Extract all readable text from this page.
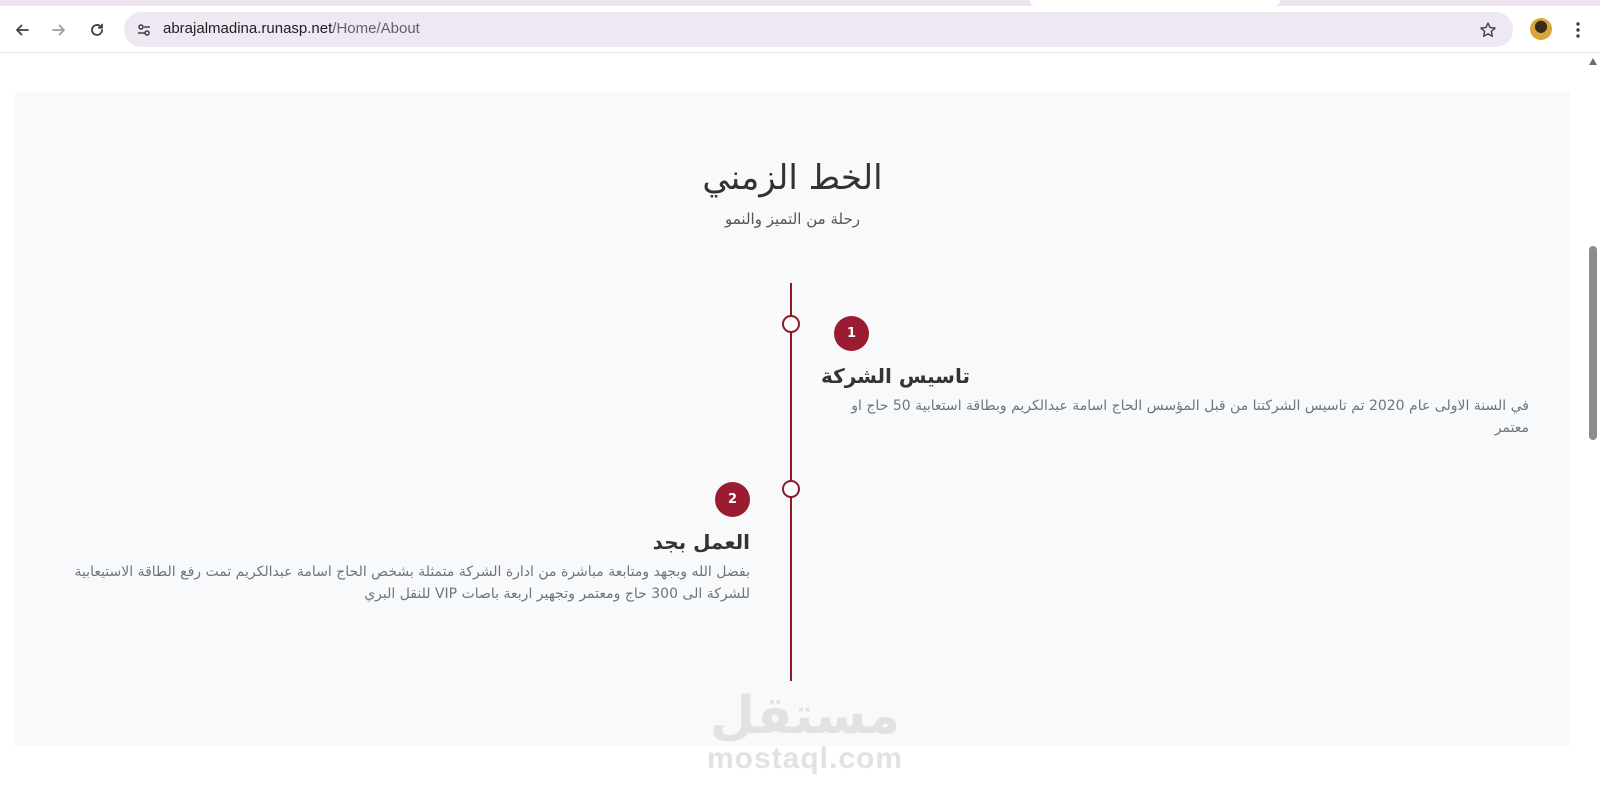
abrajalmadina.runasp.net/Home/About
الخط الزمني

رحلة من التميز والنمو

1
تاسيس الشركة
في السنة الاولى عام 2020 تم تاسيس الشركتنا من قبل المؤسس الحاج اسامة عبدالكريم وبطاقة استعابية 50 حاج او معتمر
2
العمل بجد
بفضل الله وبجهد ومتابعة مباشرة من ادارة الشركة متمثلة بشخص الحاج اسامة عبدالكريم تمت رفع الطاقة الاستيعابية للشركة الى 300 حاج ومعتمر وتجهير اربعة باصات VIP للنقل البري
مستقل
mostaql.com
